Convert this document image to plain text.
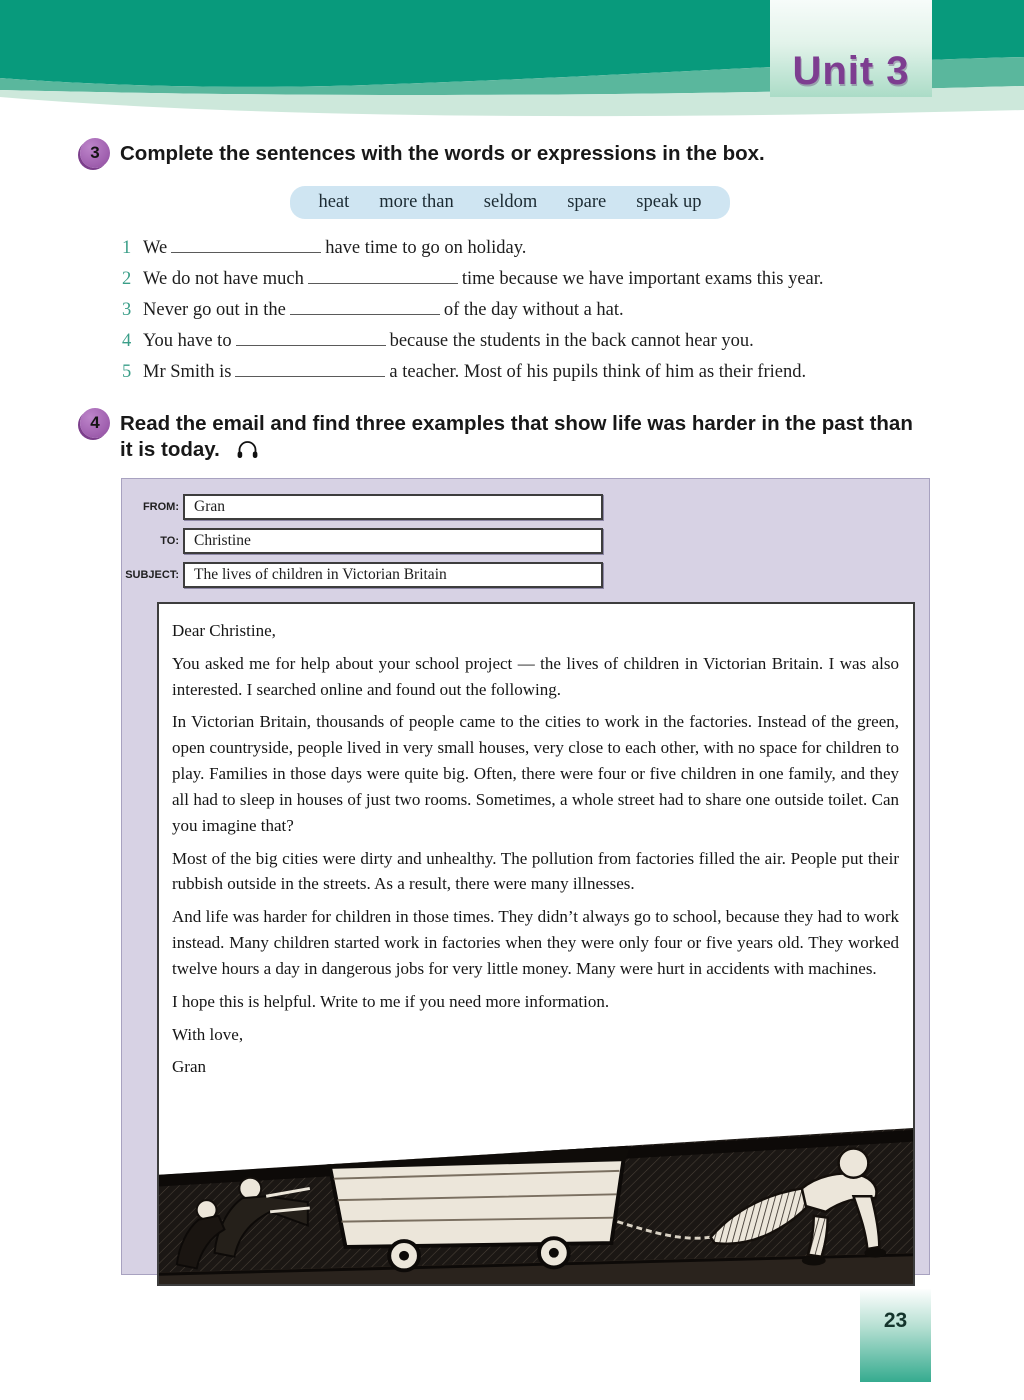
Unit 3
3 Complete the sentences with the words or expressions in the box.
heat more than seldom spare speak up
1 We	have time to go on holiday.
2 We do not have much	time because we have important exams this year.
3 Never go out in the	of the day without a hat.
4 You have to	because the students in the back cannot hear you.
5 Mr Smith is	a teacher. Most of his pupils think of him as their friend.
4 Read the email and find three examples that show life was harder in the past than it is today.
FROM: Gran
TO: Christine
SUBJECT: The lives of children in Victorian Britain

Dear Christine,

You asked me for help about your school project — the lives of children in Victorian Britain. I was also interested. I searched online and found out the following.

In Victorian Britain, thousands of people came to the cities to work in the factories. Instead of the green, open countryside, people lived in very small houses, very close to each other, with no space for children to play. Families in those days were quite big. Often, there were four or five children in one family, and they all had to sleep in houses of just two rooms. Sometimes, a whole street had to share one outside toilet. Can you imagine that?

Most of the big cities were dirty and unhealthy. The pollution from factories filled the air. People put their rubbish outside in the streets. As a result, there were many illnesses.

And life was harder for children in those times. They didn’t always go to school, because they had to work instead. Many children started work in factories when they were only four or five years old. They worked twelve hours a day in dangerous jobs for very little money. Many were hurt in accidents with machines.

I hope this is helpful. Write to me if you need more information.

With love,

Gran

23
